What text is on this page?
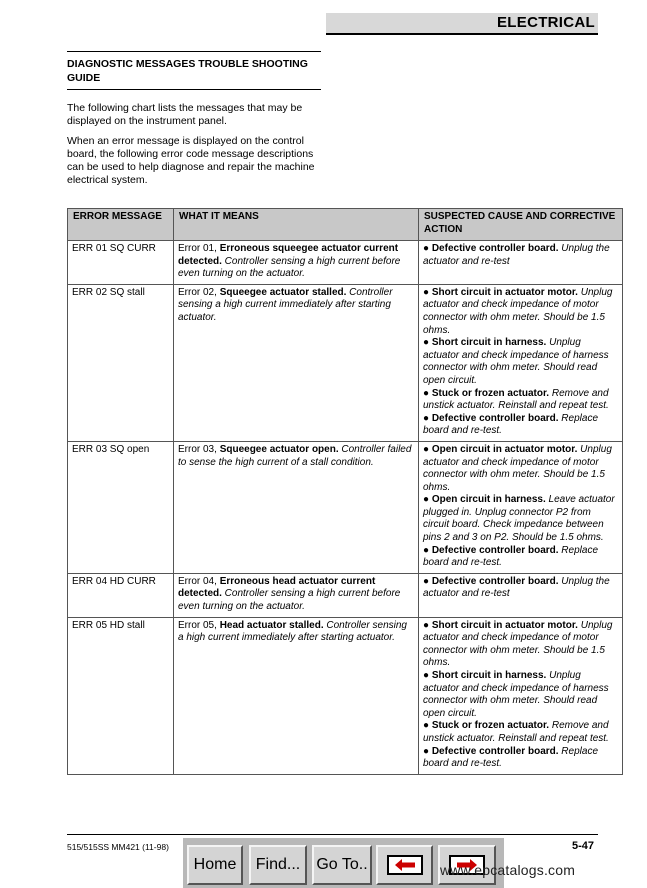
ELECTRICAL
DIAGNOSTIC MESSAGES TROUBLE SHOOTING GUIDE
The following chart lists the messages that may be displayed on the instrument panel.
When an error message is displayed on the control board, the following error code message descriptions can be used to help diagnose and repair the machine electrical system.
ERROR MESSAGE	WHAT IT MEANS	SUSPECTED CAUSE AND CORRECTIVE ACTION
ERR 01 SQ CURR	Error 01, Erroneous squeegee actuator current detected. Controller sensing a high current before even turning on the actuator.	● Defective controller board. Unplug the actuator and re-test

ERR 02 SQ stall	Error 02, Squeegee actuator stalled. Controller sensing a high current immediately after starting actuator.	● Short circuit in actuator motor. Unplug actuator and check impedance of motor connector with ohm meter. Should be 1.5 ohms.
● Short circuit in harness. Unplug actuator and check impedance of harness connector with ohm meter. Should read open circuit.
● Stuck or frozen actuator. Remove and unstick actuator. Reinstall and repeat test.
● Defective controller board. Replace board and re-test.

ERR 03 SQ open	Error 03, Squeegee actuator open. Controller failed to sense the high current of a stall condition.	● Open circuit in actuator motor. Unplug actuator and check impedance of motor connector with ohm meter. Should be 1.5 ohms.
● Open circuit in harness. Leave actuator plugged in. Unplug connector P2 from circuit board. Check impedance between pins 2 and 3 on P2. Should be 1.5 ohms.
● Defective controller board. Replace board and re-test.

ERR 04 HD CURR	Error 04, Erroneous head actuator current detected. Controller sensing a high current before even turning on the actuator.	● Defective controller board. Unplug the actuator and re-test

ERR 05 HD stall	Error 05, Head actuator stalled. Controller sensing a high current immediately after starting actuator.	● Short circuit in actuator motor. Unplug actuator and check impedance of motor connector with ohm meter. Should be 1.5 ohms.
● Short circuit in harness. Unplug actuator and check impedance of harness connector with ohm meter. Should read open circuit.
● Stuck or frozen actuator. Remove and unstick actuator. Reinstall and repeat test.
● Defective controller board. Replace board and re-test.
515/515SS MM421 (11-98)	5-47
Home	Find...	Go To..	www.epcatalogs.com
